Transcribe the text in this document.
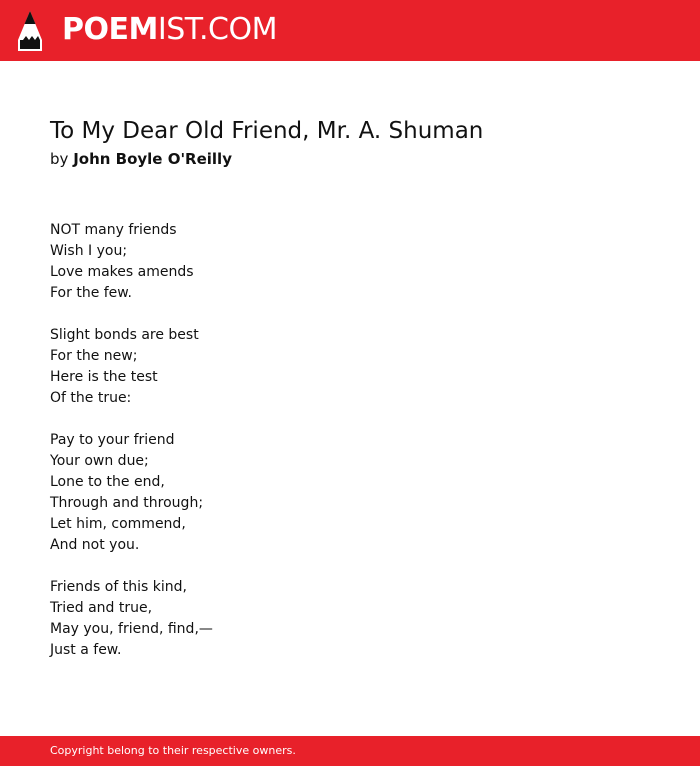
POEM IST.COM
To My Dear Old Friend, Mr. A. Shuman

by John Boyle O'Reilly

NOT many friends
Wish I you;
Love makes amends
For the few.

Slight bonds are best
For the new;
Here is the test
Of the true:

Pay to your friend
Your own due;
Lone to the end,
Through and through;
Let him, commend,
And not you.

Friends of this kind,
Tried and true,
May you, friend, find,—
Just a few.

Copyright belong to their respective owners.
